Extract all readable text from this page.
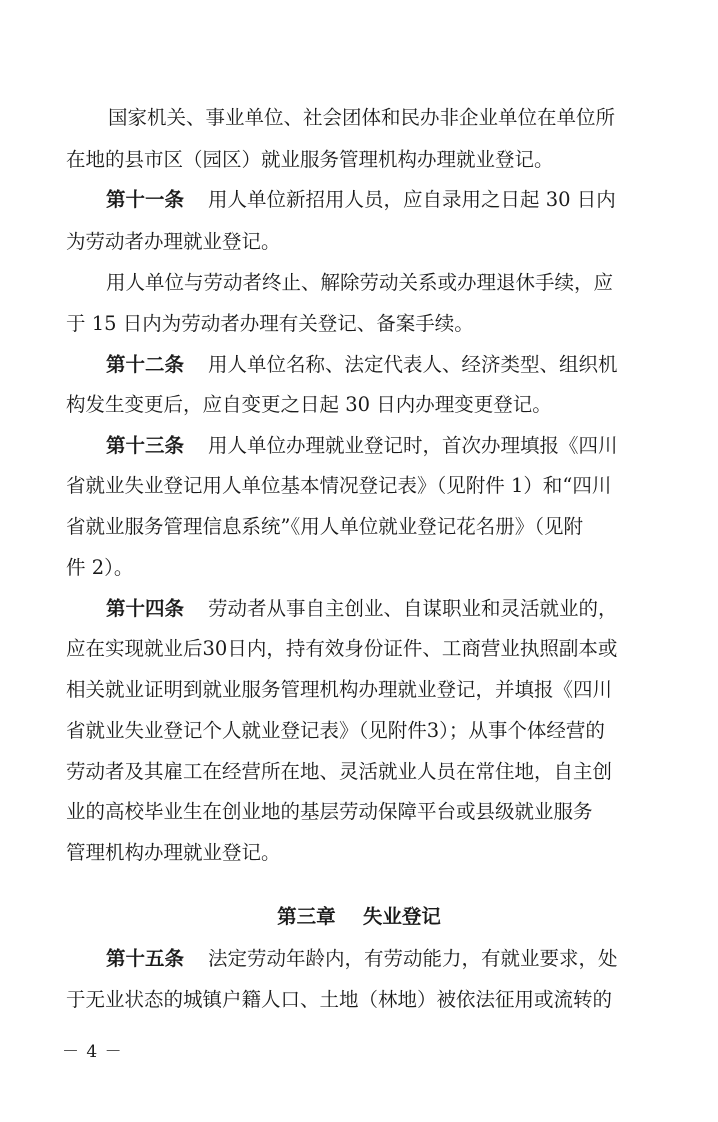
国家机关、事业单位、社会团体和民办非企业单位在单位所
在地的县市区（园区）就业服务管理机构办理就业登记。
第十一条 用人单位新招用人员，应自录用之日起 30 日内
为劳动者办理就业登记。
用人单位与劳动者终止、解除劳动关系或办理退休手续，应
于 15 日内为劳动者办理有关登记、备案手续。
第十二条 用人单位名称、法定代表人、经济类型、组织机
构发生变更后，应自变更之日起 30 日内办理变更登记。
第十三条 用人单位办理就业登记时，首次办理填报《四川
省就业失业登记用人单位基本情况登记表》（见附件 1）和“四川
省就业服务管理信息系统”《用人单位就业登记花名册》（见附
件 2）。
第十四条 劳动者从事自主创业、自谋职业和灵活就业的，
应在实现就业后30日内，持有效身份证件、工商营业执照副本或
相关就业证明到就业服务管理机构办理就业登记，并填报《四川
省就业失业登记个人就业登记表》（见附件3）；从事个体经营的
劳动者及其雇工在经营所在地、灵活就业人员在常住地，自主创
业的高校毕业生在创业地的基层劳动保障平台或县级就业服务
管理机构办理就业登记。
第三章    失业登记
第十五条 法定劳动年龄内，有劳动能力，有就业要求，处
于无业状态的城镇户籍人口、土地（林地）被依法征用或流转的
－ 4 －
